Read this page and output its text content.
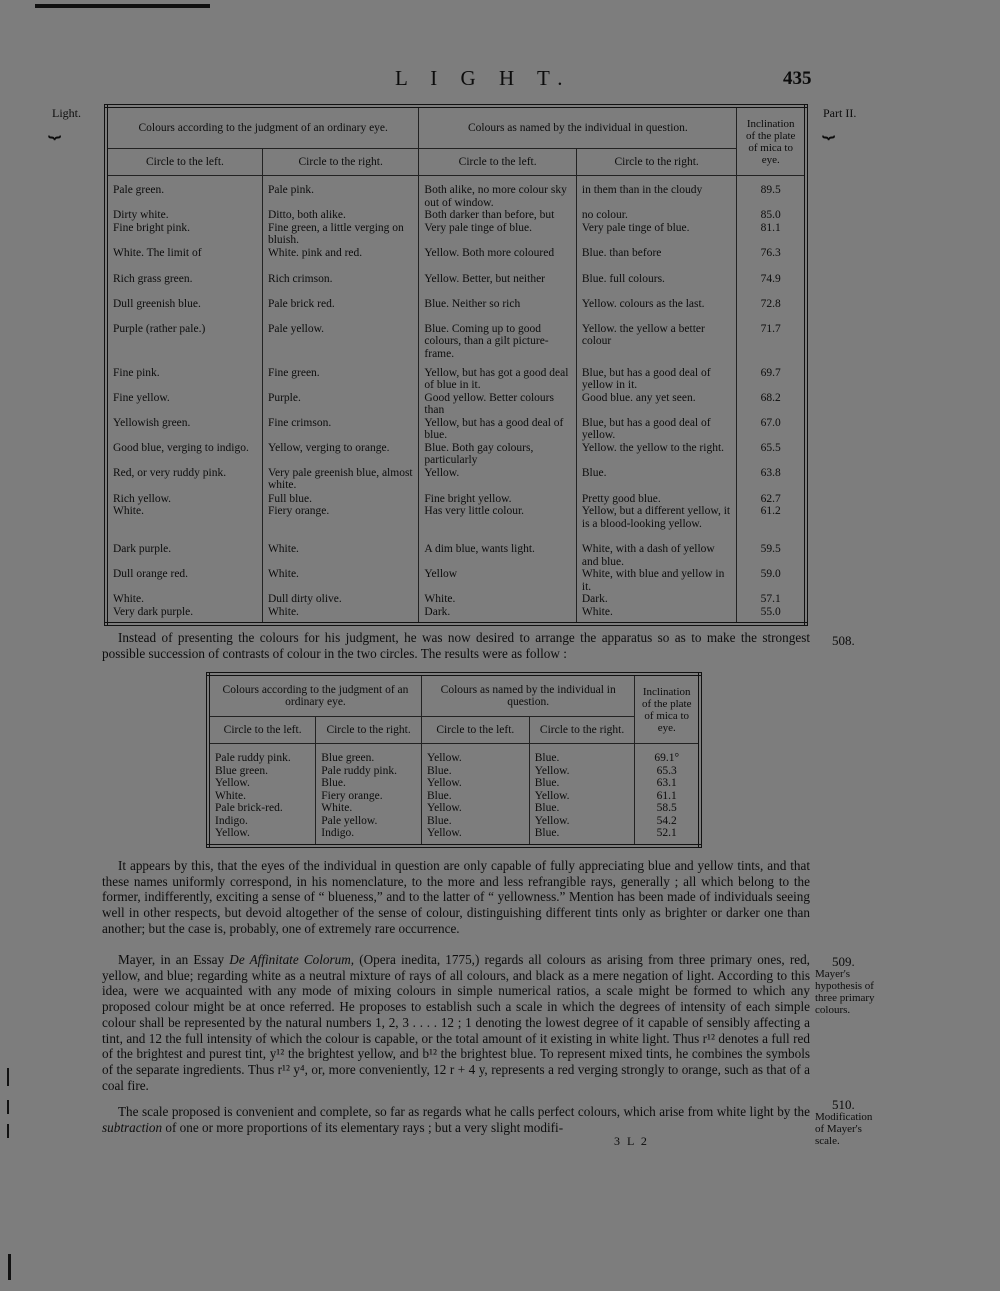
L I G H T.	435
Light.
⏟	Part II.
⏟
Colours according to the judgment of an ordinary eye.		Colours as named by the individual in question.		Inclination of the plate of mica to eye.
Circle to the left.	Circle to the right.	Circle to the left.	Circle to the right.	
Pale green.	Pale pink.	Both alike, no more colour sky out of window.	in them than in the cloudy	89.5
Dirty white.	Ditto, both alike.	Both darker than before, but	no colour.	85.0
Fine bright pink.	Fine green, a little verging on bluish.	Very pale tinge of blue.	Very pale tinge of blue.	81.1
White. The limit of	White. pink and red.	Yellow. Both more coloured	Blue. than before	76.3
Rich grass green.	Rich crimson.	Yellow. Better, but neither	Blue. full colours.	74.9
Dull greenish blue.	Pale brick red.	Blue. Neither so rich	Yellow. colours as the last.	72.8
Purple (rather pale.)	Pale yellow.	Blue. Coming up to good colours, than a gilt picture-frame.	Yellow. the yellow a better colour	71.7
Fine pink.	Fine green.	Yellow, but has got a good deal of blue in it.	Blue, but has a good deal of yellow in it.	69.7
Fine yellow.	Purple.	Good yellow. Better colours than	Good blue. any yet seen.	68.2
Yellowish green.	Fine crimson.	Yellow, but has a good deal of blue.	Blue, but has a good deal of yellow.	67.0
Good blue, verging to indigo.	Yellow, verging to orange.	Blue. Both gay colours, particularly	Yellow. the yellow to the right.	65.5
Red, or very ruddy pink.	Very pale greenish blue, almost white.	Yellow.	Blue.	63.8
Rich yellow.	Full blue.	Fine bright yellow.	Pretty good blue.	62.7
White.	Fiery orange.	Has very little colour.	Yellow, but a different yellow, it is a blood-looking yellow.	61.2
Dark purple.	White.	A dim blue, wants light.	White, with a dash of yellow and blue.	59.5
Dull orange red.	White.	Yellow	White, with blue and yellow in it.	59.0
White.	Dull dirty olive.	White.	Dark.	57.1
Very dark purple.	White.	Dark.	White.	55.0

Instead of presenting the colours for his judgment, he was now desired to arrange the apparatus so as to make the strongest possible succession of contrasts of colour in the two circles. The results were as follow :

508.
Colours according to the judgment of an ordinary eye.		Colours as named by the individual in question.		Inclination of the plate of mica to eye.
Circle to the left.	Circle to the right.	Circle to the left.	Circle to the right.	
Pale ruddy pink.	Blue green.	Yellow.	Blue.	69.1°
Blue green.	Pale ruddy pink.	Blue.	Yellow.	65.3
Yellow.	Blue.	Yellow.	Blue.	63.1
White.	Fiery orange.	Blue.	Yellow.	61.1
Pale brick-red.	White.	Yellow.	Blue.	58.5
Indigo.	Pale yellow.	Blue.	Yellow.	54.2
Yellow.	Indigo.	Yellow.	Blue.	52.1

It appears by this, that the eyes of the individual in question are only capable of fully appreciating blue and yellow tints, and that these names uniformly correspond, in his nomenclature, to the more and less refrangible rays, generally ; all which belong to the former, indifferently, exciting a sense of “ blueness,” and to the latter of “ yellowness.” Mention has been made of individuals seeing well in other respects, but devoid altogether of the sense of colour, distinguishing different tints only as brighter or darker one than another; but the case is, probably, one of extremely rare occurrence.

Mayer, in an Essay De Affinitate Colorum, (Opera inedita, 1775,) regards all colours as arising from three primary ones, red, yellow, and blue; regarding white as a neutral mixture of rays of all colours, and black as a mere negation of light. According to this idea, were we acquainted with any mode of mixing colours in simple numerical ratios, a scale might be formed to which any proposed colour might be at once referred. He proposes to establish such a scale in which the degrees of intensity of each simple colour shall be represented by the natural numbers 1, 2, 3 . . . . 12 ; 1 denoting the lowest degree of it capable of sensibly affecting a tint, and 12 the full intensity of which the colour is capable, or the total amount of it existing in white light. Thus r¹² denotes a full red of the brightest and purest tint, y¹² the brightest yellow, and b¹² the brightest blue. To represent mixed tints, he combines the symbols of the separate ingredients. Thus r¹² y⁴, or, more conveniently, 12 r + 4 y, represents a red verging strongly to orange, such as that of a coal fire.

509.
Mayer's hypothesis of three primary colours.

The scale proposed is convenient and complete, so far as regards what he calls perfect colours, which arise from white light by the subtraction of one or more proportions of its elementary rays ; but a very slight modifi-

510.
Modification of Mayer's scale.
3 L 2
